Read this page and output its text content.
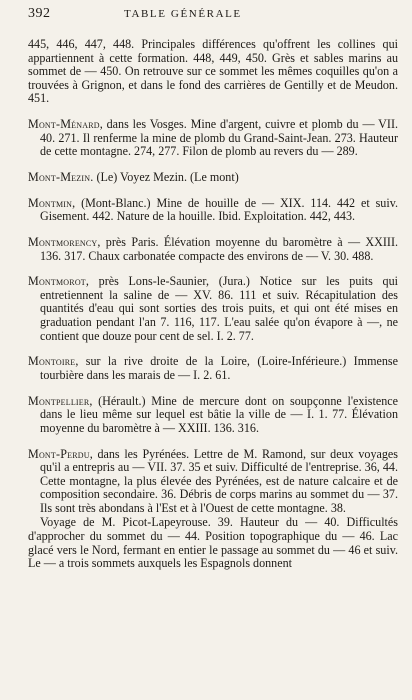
392	TABLE GÉNÉRALE

445, 446, 447, 448. Principales différences qu'offrent les collines qui appartiennent à cette formation. 448, 449, 450. Grès et sables marins au sommet de — 450. On retrouve sur ce sommet les mêmes coquilles qu'on a trouvées à Grignon, et dans le fond des carrières de Gentilly et de Meudon. 451.

Mont-Ménard, dans les Vosges. Mine d'argent, cuivre et plomb du — VII. 40. 271. Il renferme la mine de plomb du Grand-Saint-Jean. 273. Hauteur de cette montagne. 274, 277. Filon de plomb au revers du — 289.

Mont-Mezin. (Le) Voyez Mezin. (Le mont)

Montmin, (Mont-Blanc.) Mine de houille de — XIX. 114. 442 et suiv. Gisement. 442. Nature de la houille. Ibid. Exploitation. 442, 443.

Montmorency, près Paris. Élévation moyenne du baromètre à — XXIII. 136. 317. Chaux carbonatée compacte des environs de — V. 30. 488.

Montmorot, près Lons-le-Saunier, (Jura.) Notice sur les puits qui entretiennent la saline de — XV. 86. 111 et suiv. Récapitulation des quantités d'eau qui sont sorties des trois puits, et qui ont été mises en graduation pendant l'an 7. 116, 117. L'eau salée qu'on évapore à —, ne contient que douze pour cent de sel. I. 2. 77.

Montoire, sur la rive droite de la Loire, (Loire-Inférieure.) Immense tourbière dans les marais de — I. 2. 61.

Montpellier, (Hérault.) Mine de mercure dont on soupçonne l'existence dans le lieu même sur lequel est bâtie la ville de — I. 1. 77. Élévation moyenne du baromètre à — XXIII. 136. 316.

Mont-Perdu, dans les Pyrénées. Lettre de M. Ramond, sur deux voyages qu'il a entrepris au — VII. 37. 35 et suiv. Difficulté de l'entreprise. 36, 44. Cette montagne, la plus élevée des Pyrénées, est de nature calcaire et de composition secondaire. 36. Débris de corps marins au sommet du — 37. Ils sont très abondans à l'Est et à l'Ouest de cette montagne. 38.

Voyage de M. Picot-Lapeyrouse. 39. Hauteur du — 40. Difficultés d'approcher du sommet du — 44. Position topographique du — 46. Lac glacé vers le Nord, fermant en entier le passage au sommet du — 46 et suiv. Le — a trois sommets auxquels les Espagnols donnent
